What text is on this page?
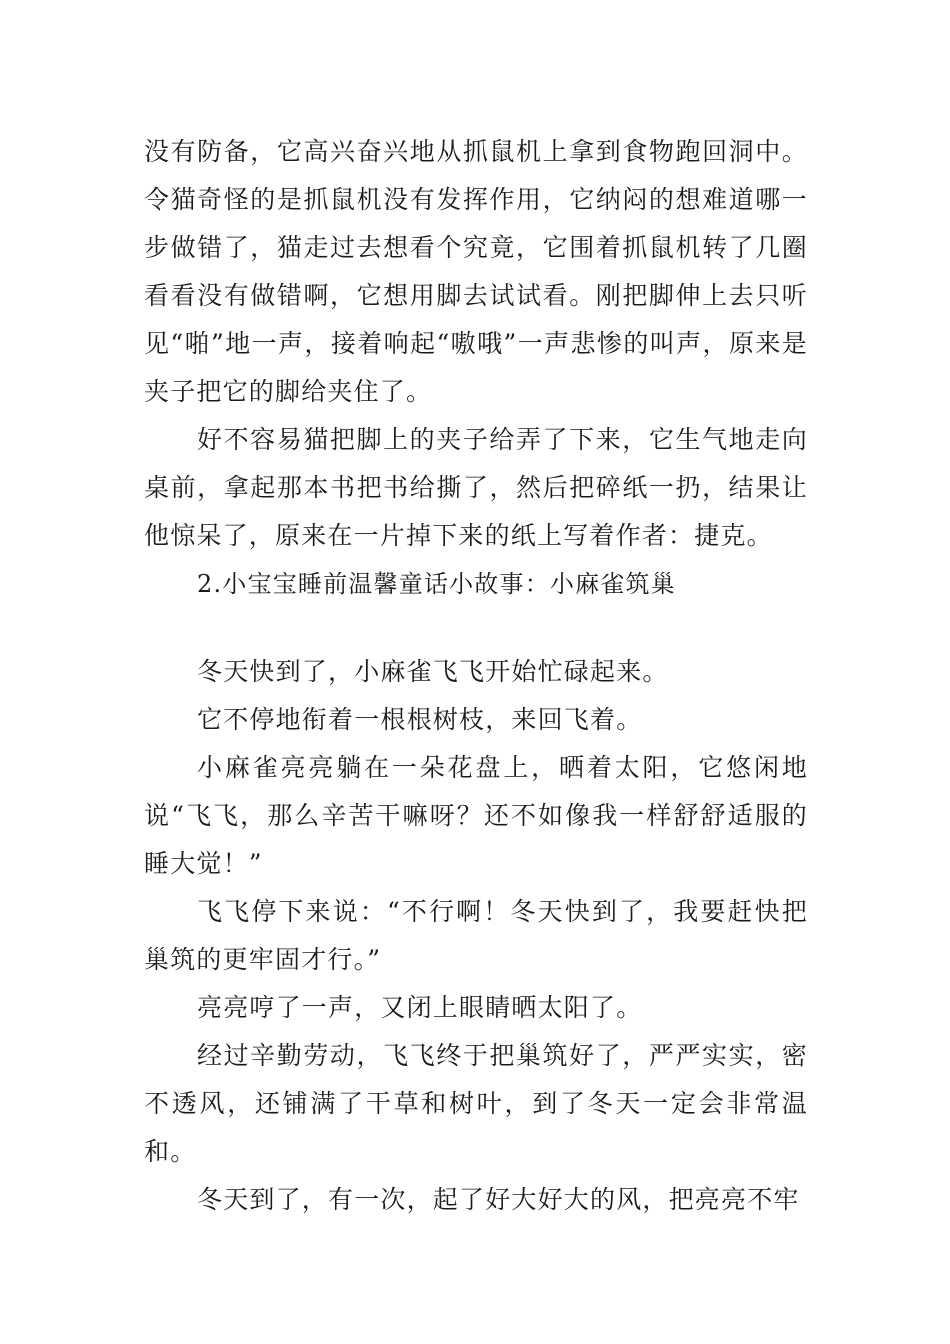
没有防备，它高兴奋兴地从抓鼠机上拿到食物跑回洞中。令猫奇怪的是抓鼠机没有发挥作用，它纳闷的想难道哪一步做错了，猫走过去想看个究竟，它围着抓鼠机转了几圈看看没有做错啊，它想用脚去试试看。刚把脚伸上去只听见“啪”地一声，接着响起“嗷哦”一声悲惨的叫声，原来是夹子把它的脚给夹住了。

好不容易猫把脚上的夹子给弄了下来，它生气地走向桌前，拿起那本书把书给撕了，然后把碎纸一扔，结果让他惊呆了，原来在一片掉下来的纸上写着作者：捷克。

2.小宝宝睡前温馨童话小故事：小麻雀筑巢

冬天快到了，小麻雀飞飞开始忙碌起来。

它不停地衔着一根根树枝，来回飞着。

小麻雀亮亮躺在一朵花盘上，晒着太阳，它悠闲地说“飞飞，那么辛苦干嘛呀？还不如像我一样舒舒适服的睡大觉！”

飞飞停下来说：“不行啊！冬天快到了，我要赶快把巢筑的更牢固才行。”

亮亮哼了一声，又闭上眼睛晒太阳了。

经过辛勤劳动，飞飞终于把巢筑好了，严严实实，密不透风，还铺满了干草和树叶，到了冬天一定会非常温和。

冬天到了，有一次，起了好大好大的风，把亮亮不牢
